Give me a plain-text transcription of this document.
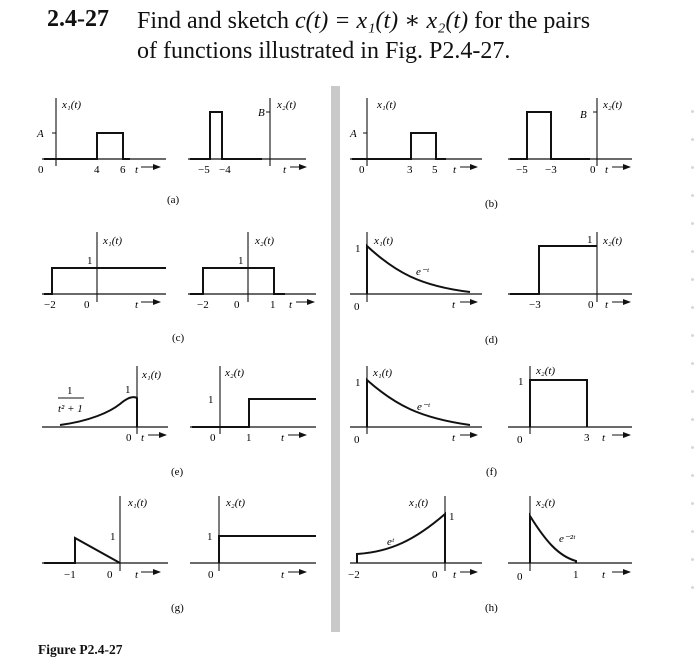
2.4-27 Find and sketch c(t) = x₁(t) ∗ x₂(t) for the pairs
of functions illustrated in Fig. P2.4-27.
x₁(t)
A
0	4 6 t
x₂(t)
B
−5 −4	t
(a)
x₁(t)
A
0	3 5 t
x₂(t)
B
−5 −3	0 t
(b)
x₁(t)
1
−2	0	t
x₂(t)
1
−2 0	1 t
(c)
x₁(t)
1
e⁻ᵗ
0	t
x₂(t)
1
−3	0 t
(d)
x₁(t)
1
1
t² + 1
0 t
x₂(t)
1
0	1	t
(e)
x₁(t)
1
e⁻ᵗ
0	t
x₂(t)
1
0	3 t
(f)
x₁(t)
1
−1	0 t
x₂(t)
1
0	t
(g)
x₁(t)
1
eᵗ
−2	0 t
x₂(t)
e⁻²ᵗ
0	1 t
(h)
Figure P2.4-27
